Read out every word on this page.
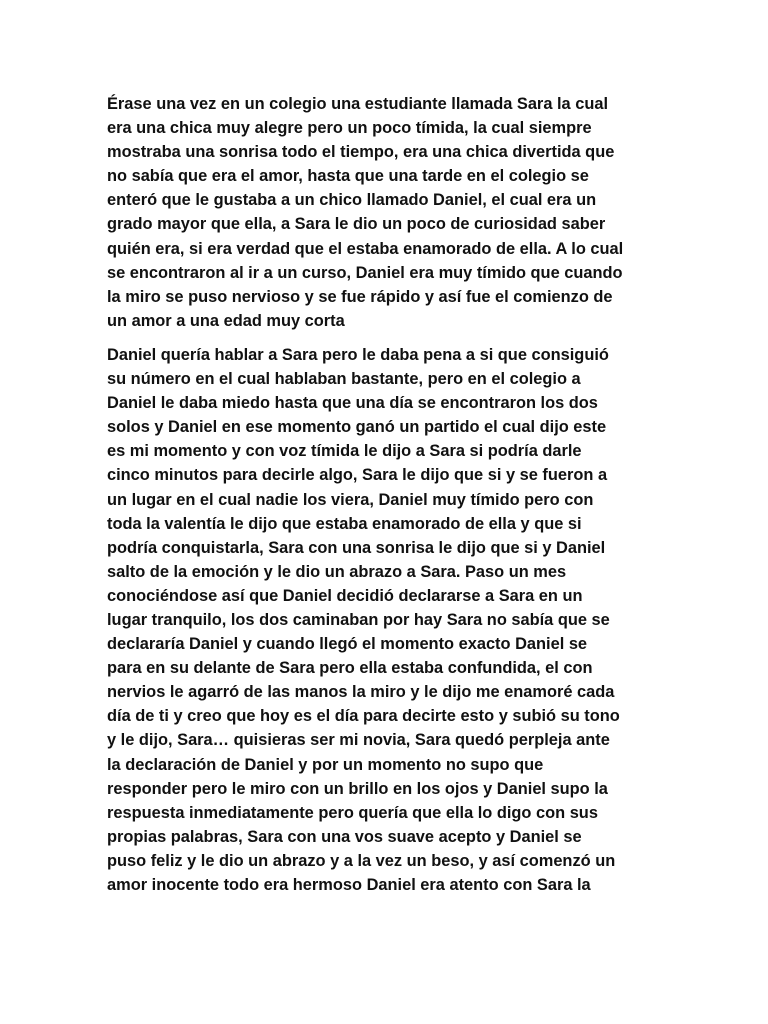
Érase una vez en un colegio una estudiante llamada Sara la cual
era una chica muy alegre pero un poco tímida, la cual siempre
mostraba una sonrisa todo el tiempo, era una chica divertida que
no sabía que era el amor, hasta que una tarde en el colegio se
enteró que le gustaba a un chico llamado Daniel, el cual era un
grado mayor que ella, a Sara le dio un poco de curiosidad saber
quién era, si era verdad que el estaba enamorado de ella. A lo cual
se encontraron al ir a un curso, Daniel era muy tímido que cuando
la miro se puso nervioso y se fue rápido y así fue el comienzo de
un amor a una edad muy corta

Daniel quería hablar a Sara pero le daba pena a si que consiguió
su número en el cual hablaban bastante, pero en el colegio a
Daniel le daba miedo hasta que una día se encontraron los dos
solos y Daniel en ese momento ganó un partido el cual dijo este
es mi momento y con voz tímida le dijo a Sara si podría darle
cinco minutos para decirle algo, Sara le dijo que si y se fueron a
un lugar en el cual nadie los viera, Daniel muy tímido pero con
toda la valentía le dijo que estaba enamorado de ella y que si
podría conquistarla, Sara con una sonrisa le dijo que si y Daniel
salto de la emoción y le dio un abrazo a Sara. Paso un mes
conociéndose así que Daniel decidió declararse a Sara en un
lugar tranquilo, los dos caminaban por hay Sara no sabía que se
declararía Daniel y cuando llegó el momento exacto Daniel se
para en su delante de Sara pero ella estaba confundida, el con
nervios le agarró de las manos la miro y le dijo me enamoré cada
día de ti y creo que hoy es el día para decirte esto y subió su tono
y le dijo, Sara… quisieras ser mi novia, Sara quedó perpleja ante
la declaración de Daniel y por un momento no supo que
responder pero le miro con un brillo en los ojos y Daniel supo la
respuesta inmediatamente pero quería que ella lo digo con sus
propias palabras, Sara con una vos suave acepto y Daniel se
puso feliz y le dio un abrazo y a la vez un beso, y así comenzó un
amor inocente todo era hermoso Daniel era atento con Sara la
